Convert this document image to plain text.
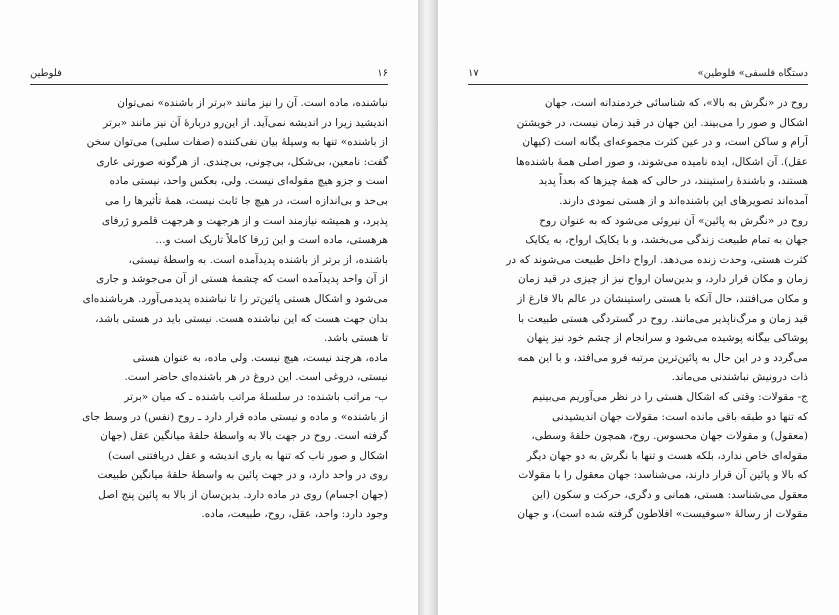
۱۶
فلوطین
نباشنده، ماده است. آن را نیز مانند «برتر از باشنده» نمی‌توان
اندیشید زیرا در اندیشه نمی‌آید. از این‌رو دربارهٔ آن نیز مانند «برتر
از باشنده» تنها به وسیلهٔ بیان نفی‌کننده (صفات سلبی) می‌توان سخن
گفت: نامعین، بی‌شکل، بی‌چونی، بی‌چندی. از هرگونه صورتی عاری
است و جزو هیچ مقوله‌ای نیست. ولی، بعکس واحد، نیستی ماده
بی‌حد و بی‌اندازه است، در هیچ جا ثابت نیست، همهٔ تأثیرها را می
پذیرد، و همیشه نیازمند است و از هرجهت و هرجهت قلمرو ژرفای
هرهستی، ماده است و این ژرفا کاملاً تاریک است و...
باشنده، از برتر از باشنده پدیدآمده است. به واسطهٔ نیستی،
از آن واحد پدیدآمده است که چشمهٔ هستی از آن می‌جوشد و جاری
می‌شود و اشکال هستی پائین‌تر را تا نباشنده پدیدمی‌آورد. هرباشنده‌ای
بدان جهت هست که این نباشنده هست. نیستی باید در هستی باشد،
تا هستی باشد.
ماده، هرچند نیست، هیچ نیست. ولی ماده، به عنوان هستی
نیستی، دروغی است. این دروغ در هر باشنده‌ای حاضر است.
ب- مراتب باشنده: در سلسلهٔ مراتب باشنده ـ که میان «برتر
از باشنده» و ماده و نیستی ماده قرار دارد ـ روح (نفس) در وسط جای
گرفته است. روح در جهت بالا به واسطهٔ حلقهٔ میانگین عقل (جهان
اشکال و صور ناب که تنها به یاری اندیشه و عقل دریافتنی است)
روی در واحد دارد، و در جهت پائین به واسطهٔ حلقهٔ میانگین طبیعت
(جهان اجسام) روی در ماده دارد. بدین‌سان از بالا به پائین پنج اصل
وجود دارد: واحد، عقل، روح، طبیعت، ماده.
۱۷	«دستگاه فلسفی» فلوطین
روح در «نگرش به بالا»، که شناسائی خردمندانه است، جهان
اشکال و صور را می‌بیند. این جهان در قید زمان نیست، در خویشتن
آرام و ساکن است، و در عین کثرت مجموعه‌ای یگانه است (کیهان
عقل). آن اشکال، ایده نامیده می‌شوند، و صور اصلی همهٔ باشنده‌ها
هستند، و باشندهٔ راستینند، در حالی که همهٔ چیزها که بعداً پدید
آمده‌اند تصویرهای این باشنده‌اند و از هستی نمودی دارند.
روح در «نگرش به پائین» آن نیروئی می‌شود که به عنوان روح
جهان به تمام طبیعت زندگی می‌بخشد، و با یکایک ارواح، به یکایک
کثرت هستی، وحدت زنده می‌دهد. ارواح داخل طبیعت می‌شوند که در
زمان و مکان قرار دارد، و بدین‌سان ارواح نیز از چیزی در قید زمان
و مکان می‌افتند، حال آنکه با هستی راستینشان در عالم بالا فارغ از
قید زمان و مرگ‌ناپذیر می‌مانند. روح در گستردگی هستی طبیعت با
پوشاکی بیگانه پوشیده می‌شود و سرانجام از چشم خود نیز پنهان
می‌گردد و در این حال به پائین‌ترین مرتبه فرو می‌افتد، و با این همه
ذات درونیش نباشندنی می‌ماند.
ج- مقولات: وقتی که اشکال هستی را در نظر می‌آوریم می‌بینیم
که تنها دو طبقه باقی مانده است: مقولات جهان اندیشیدنی
(معقول) و مقولات جهان محسوس. روح، همچون حلقهٔ وسطی،
مقوله‌ای خاص ندارد، بلکه هست و تنها با نگرش به دو جهان دیگر
که بالا و پائین آن قرار دارند، می‌شناسد: جهان معقول را با مقولات
معقول می‌شناسد: هستی، همانی و دگری، حرکت و سکون (این
مقولات از رسالهٔ «سوفیست» افلاطون گرفته شده است)، و جهان
